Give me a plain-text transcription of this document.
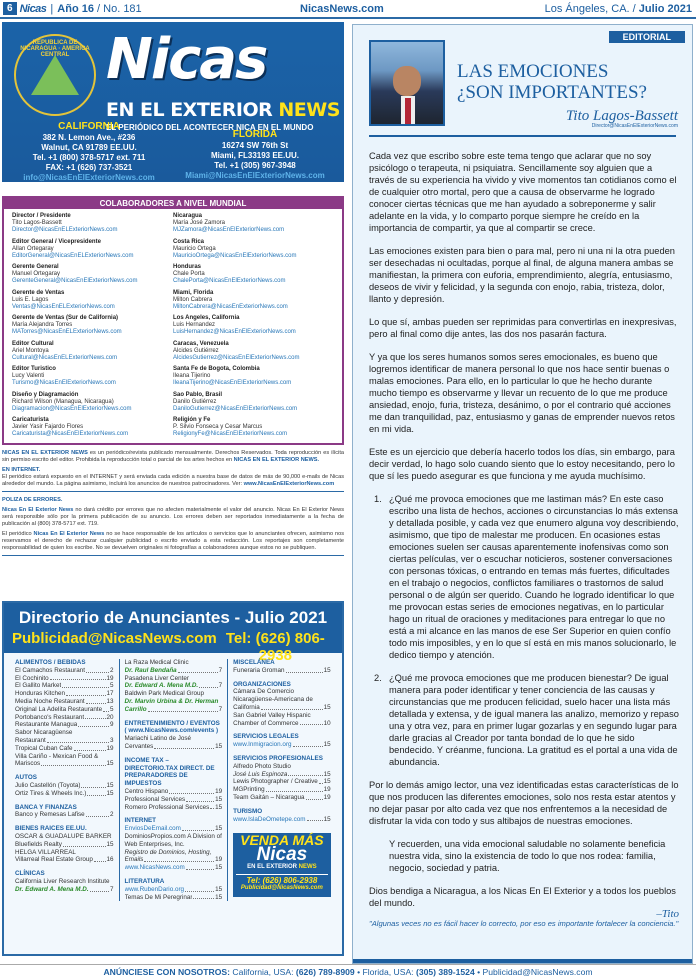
6 Nicas | Año 16 / No. 181	NicasNews.com	Los Ángeles, CA. / Julio 2021
REPUBLICA DE NICARAGUA · AMERICA CENTRAL Nicas
EN EL EXTERIOR NEWS
EL PERIÓDICO DEL ACONTECER NICA EN EL MUNDO
CALIFORNIA
382 N. Lemon Ave., #236
Walnut, CA 91789 EE.UU.
Tel. +1 (800) 378-5717 ext. 711
FAX: +1 (626) 737-3521
info@NicasEnElExteriorNews.com
FLORIDA
16274 SW 76th St
Miami, FL33193 EE.UU.
Tel. +1 (305) 967-3948
Miami@NicasEnElExteriorNews.com
COLABORADORES A NIVEL MUNDIAL
Director / Presidente
Tito Lagos-Bassett
Director@NicasEnELExteriorNews.com
Editor General / Vicepresidente
Allan Ortegaray
EditorGeneral@NicasEnELExteriorNews.com
Gerente General
Manuel Ortegaray
GerenteGeneral@NicasEnElExteriorNews.com
Gerente de Ventas
Luis E. Lagos
Ventas@NicasEnELExteriorNews.com
Gerente de Ventas (Sur de California)
María Alejandra Torres
MATorres@NicasEnELExteriorNews.com
Editor Cultural
Ariel Montoya
Cultural@NicasEnELExteriorNews.com
Editor Turistico
Lucy Valenti
Turismo@NicasEnElExteriorNews.com
Diseño y Diagramación
Richard Wilson (Managua, Nicaragua)
Diagramacion@NicasEnElExteriorNews.com
Caricaturista
Javier Yasir Fajardo Flores
Caricaturista@NicasEnElExteriorNews.com
Nicaragua
María José Zamora
MJZamora@NicasEnElExteriorNews.com
Costa Rica
Mauricio Ortega
MauricioOrtega@NicasEnElExteriorNews.com
Honduras
Chale Porta
ChalePorta@NicasEnElExteriorNews.com
Miami, Florida
Milton Cabrera
MiltonCabrera@NicasEnExteriorNews.com
Los Angeles, California
Luis Hernandez
LuisHernandez@NicasEnElExteriorNews.com
Caracas, Venezuela
Alcides Gutiérrez
AlcidesGutierrez@NicasEnElExteriorNews.com
Santa Fe de Bogota, Colombia
Ileana Tijerino
IleanaTijerino@NicasEnElExteriorNews.com
Sao Pablo, Brasil
Danilo Gutiérrez
DaniloGutierrez@NicasEnElExteriorNews.com
Religión y Fe
P. Silvio Fonseca y Cesar Marcus
ReligionyFe@NicasEnElExteriorNews.com

NICAS EN EL EXTERIOR NEWS es un periódico/revista publicado mensualmente. Derechos Reservados. Toda reproducción es ilícita sin permiso escrito del editor. Prohibida la reproducción total o parcial de los artes hechos en NICAS EN EL EXTERIOR NEWS.

EN INTERNET.
El periódico estará expuesto en el INTERNET y será enviada cada edición a nuestra base de datos de más de 90,000 e-mails de Nicas alrededor del mundo. La página asimismo, incluirá los anuncios de nuestros patrocinadores. Ver: www.NicasEnElExteriorNews.com

POLIZA DE ERRORES.

Nicas En El Exterior News no dará crédito por errores que no afecten materialmente el valor del anuncio. Nicas En El Exterior News será responsible sólo por la primera publicación de su anuncio. Los errores deben ser reportados inmediatamente a la fecha de publicación al (800) 378-5717 ext. 719.

El periódico Nicas En El Exterior News no se hace responsable de los artículos o servicios que lo anunciantes ofrecen, asimismo nos reservamos el derecho de rechazar cualquier publicidad o escrito enviado a esta redacción. Los reportajes son completamente responsabilidad de quien los escribe. No se devuelven originales ni fotografías a colaboradores aunque estos no se publiquen.

Directorio de Anunciantes - Julio 2021
Publicidad@NicasNews.com Tel: (626) 806-2938
ALIMENTOS / BEBIDAS
El Camachos Restaurant	2
El Cochinito	19
El Gallito Market	5
Honduras Kitchen	17
Media Noche Restaurant	13
Original La Adelita Restaurante 5
Portobanco's Restaurant	20
Restaurante Managua	9
Sabor Nicaragüense
Restaurant	3
Tropical Cuban Cafe	19
Villa Cariño - Mexican Food &
Mariscos	15
AUTOS
Julio Castellón (Toyota)	15
Ortiz Tires & Wheels Inc.)	15
BANCA Y FINANZAS
Banco y Remesas Lafise	2
BIENES RAICES EE.UU.
OSCAR & GUADALUPE BARKER
Bluefields Realty	15
HELGA VILLARREAL
Villarreal Real Estate Group 16
CLÍNICAS
California Liver Research Institute
Dr. Edward A. Mena M.D.	7
La Raza Medical Clinic
Dr. Raul Bendaña	7
Pasadena Liver Center
Dr. Edward A. Mena M.D.	7
Baldwin Park Medical Group
Dr. Marvin Urbina & Dr. Herman
Carrillo	7
ENTRETENIMIENTO / EVENTOS
( www.NicasNews.com/events )
Mariachi Latino de José
Cervantes	15
INCOME TAX – DIRECTORIO.TAX DIRECT. DE PREPARADORES DE IMPUESTOS
Centro Hispano	19
Professional Services	15
Romero Professional Services 15
INTERNET
EnviosDeEmail.com	15
DominiosPropios.com A Division of Web Enterprises, Inc.
Registro de Dominios, Hosting,
Emails	19
www.NicasNews.com	15
LITERATURA
www.RubenDario.org	15
Temas De Mi Peregrinar	15
MISCELÁNEA
Funeraria Groman	15
ORGANIZACIONES
Cámara De Comercio
Nicaragüense-Americana de
California	15
San Gabriel Valley Hispanic
Chamber of Commerce	10
SERVICIOS LEGALES
www.Inmigracion.org	15
SERVICIOS PROFESIONALES
Alfredo Photo Studio
José Luis Espinoza	15
Lewis Photographer / Creative 15
MGPrinting	19
Team Gaitán – Nicaragua	19
TURISMO
www.IslaDeOmetepe.com	15
VENDA MÁS
Nicas
EN EL EXTERIOR NEWS
Tel: (626) 806-2938
Publicidad@NicasNews.com
EDITORIAL
LAS EMOCIONES
¿SON IMPORTANTES?
Tito Lagos-Bassett
Director@NicasEnElExteriorNews.com

Cada vez que escribo sobre este tema tengo que aclarar que no soy psicólogo o terapeuta, ni psiquiatra. Sencillamente soy alguien que a través de su experiencia ha vivido y vive momentos tan cotidianos como el de cualquier otro mortal, pero que a causa de observarme he logrado conocer ciertas técnicas que me han ayudado a sobreponerme y salir adelante en la vida, y lo comparto porque siempre he creído en la importancia de compartir, ya que al compartir se crece.

Las emociones existen para bien o para mal, pero ni una ni la otra pueden ser desechadas ni ocultadas, porque al final, de alguna manera ambas se manifiestan, la primera con euforia, emprendimiento, alegría, entusiasmo, deseos de vivir y felicidad, y la segunda con enojo, rabia, tristeza, dolor, llanto y depresión.

Lo que sí, ambas pueden ser reprimidas para convertirlas en inexpresivas, pero al final como dije antes, las dos nos pasarán factura.

Y ya que los seres humanos somos seres emocionales, es bueno que logremos identificar de manera personal lo que nos hace sentir buenas o malas emociones. Para ello, en lo particular lo que he hecho durante mucho tiempo es observarme y llevar un recuento de lo que me produce ansiedad, enojo, furia, tristeza, desánimo, o por el contrario qué acciones me dan tranquilidad, paz, entusiasmo y ganas de emprender nuevos retos en mi vida.

Este es un ejercicio que debería hacerlo todos los días, sin embargo, para decir verdad, lo hago solo cuando siento que lo estoy necesitando, pero lo que sí les puedo asegurar es que funciona y me ayuda muchísimo.

1. ¿Qué me provoca emociones que me lastiman más? En este caso escribo una lista de hechos, acciones o circunstancias lo más extensa y detallada posible, y cada vez que enumero alguna voy describiendo, asimismo, que tipo de malestar me producen. En ocasiones estas emociones suelen ser causas aparentemente inofensivas como son ciertas películas, ver o escuchar noticieros, sostener conversaciones con personas tóxicas, o entrando en temas más fuertes, dificultades en el trabajo o negocios, conflictos familiares o trastornos de salud personal o de algún ser querido. Cuando he logrado identificar lo que me provocan estas series de emociones negativas, en lo particular hago un ritual de oraciones y meditaciones para entregar lo que no está a mi alcance en las manos de ese Ser Superior en quien confío todo mis imposibles, y en lo que sí está en mis manos solucionarlo, le dedico tiempo y atención.
2. ¿Qué me provoca emociones que me producen bienestar? De igual manera para poder identificar y tener conciencia de las causas y circunstancias que me producen felicidad, suelo hacer una lista más detallada y extensa, y de igual manera las analizo, memorizo y repaso una y otra vez, para en primer lugar gozarlas y en segundo lugar para darle gracias al Creador por tanta bondad de lo que he sido bendecido. Y créanme, funciona. La gratitud es el portal a una vida de abundancia.

Por lo demás amigo lector, una vez identificadas estas características de lo que nos producen las diferentes emociones, solo nos resta estar atentos y no dejar pasar por alto cada vez que nos enfrentemos a la necesidad de disfrutar la vida con todo y sus altibajos de nuestras emociones.

Y recuerden, una vida emocional saludable no solamente beneficia nuestra vida, sino la existencia de todo lo que nos rodea: familia, negocio, sociedad y patria.

Dios bendiga a Nicaragua, a los Nicas En El Exterior y a todos los pueblos del mundo.

–Tito
"Algunas veces no es fácil hacer lo correcto, por eso es importante fortalecer la conciencia."
ANÚNCIESE CON NOSOTROS: California, USA: (626) 789-8909 • Florida, USA: (305) 389-1524 • Publicidad@NicasNews.com
